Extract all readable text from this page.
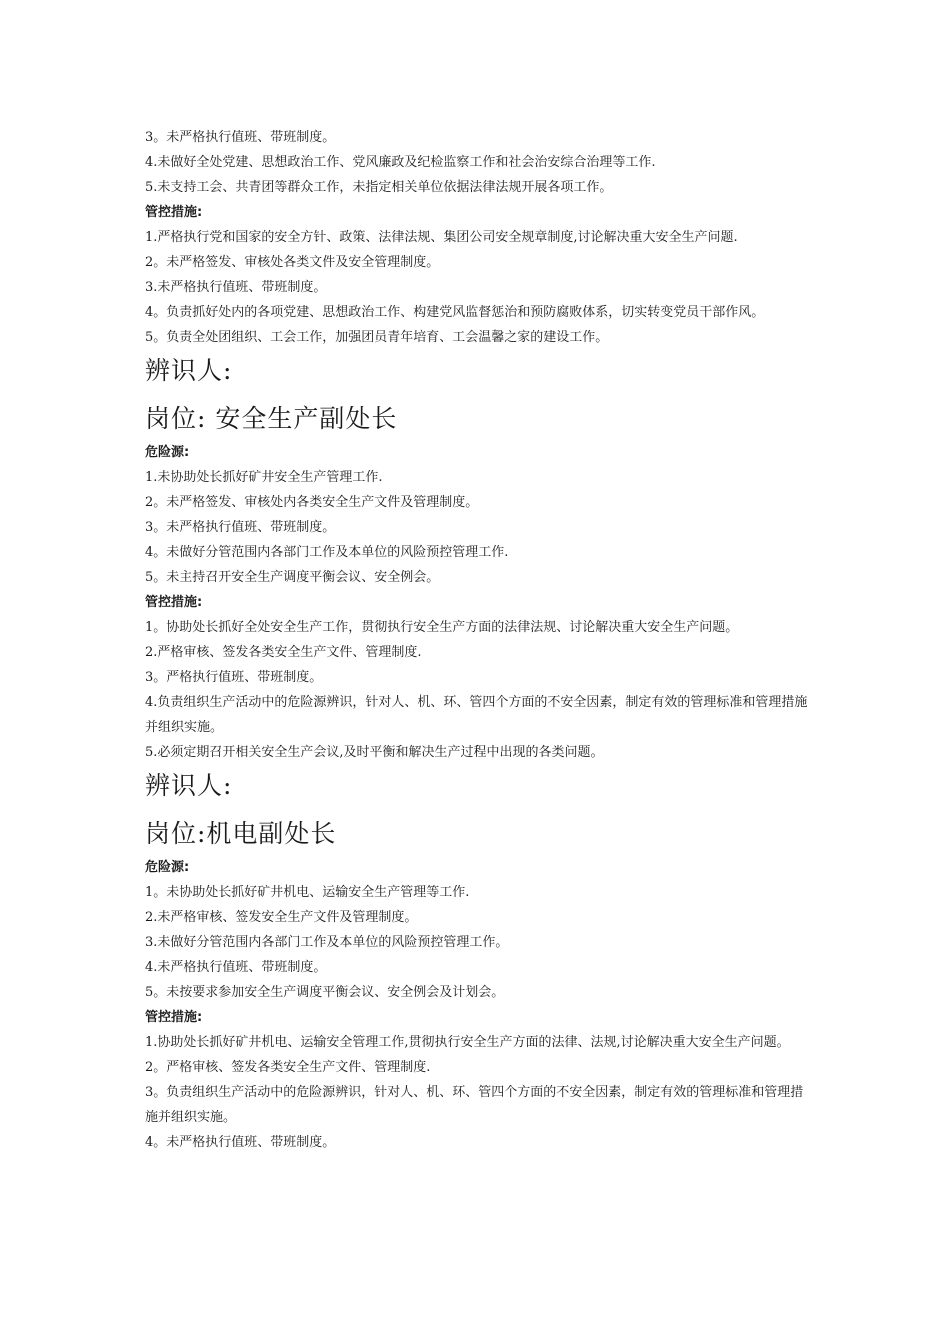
3。未严格执行值班、带班制度。

4.未做好全处党建、思想政治工作、党风廉政及纪检监察工作和社会治安综合治理等工作.

5.未支持工会、共青团等群众工作，未指定相关单位依据法律法规开展各项工作。

管控措施:

1.严格执行党和国家的安全方针、政策、法律法规、集团公司安全规章制度,讨论解决重大安全生产问题.

2。未严格签发、审核处各类文件及安全管理制度。

3.未严格执行值班、带班制度。

4。负责抓好处内的各项党建、思想政治工作、构建党风监督惩治和预防腐败体系，切实转变党员干部作风。

5。负责全处团组织、工会工作，加强团员青年培育、工会温馨之家的建设工作。

辨识人:

岗位: 安全生产副处长

危险源:

1.未协助处长抓好矿井安全生产管理工作.

2。未严格签发、审核处内各类安全生产文件及管理制度。

3。未严格执行值班、带班制度。

4。未做好分管范围内各部门工作及本单位的风险预控管理工作.

5。未主持召开安全生产调度平衡会议、安全例会。

管控措施:

1。协助处长抓好全处安全生产工作，贯彻执行安全生产方面的法律法规、讨论解决重大安全生产问题。

2.严格审核、签发各类安全生产文件、管理制度.

3。严格执行值班、带班制度。

4.负责组织生产活动中的危险源辨识，针对人、机、环、管四个方面的不安全因素，制定有效的管理标准和管理措施并组织实施。

5.必须定期召开相关安全生产会议,及时平衡和解决生产过程中出现的各类问题。

辨识人:

岗位:机电副处长

危险源:

1。未协助处长抓好矿井机电、运输安全生产管理等工作.

2.未严格审核、签发安全生产文件及管理制度。

3.未做好分管范围内各部门工作及本单位的风险预控管理工作。

4.未严格执行值班、带班制度。

5。未按要求参加安全生产调度平衡会议、安全例会及计划会。

管控措施:

1.协助处长抓好矿井机电、运输安全管理工作,贯彻执行安全生产方面的法律、法规,讨论解决重大安全生产问题。

2。严格审核、签发各类安全生产文件、管理制度.

3。负责组织生产活动中的危险源辨识，针对人、机、环、管四个方面的不安全因素，制定有效的管理标准和管理措施并组织实施。

4。未严格执行值班、带班制度。
